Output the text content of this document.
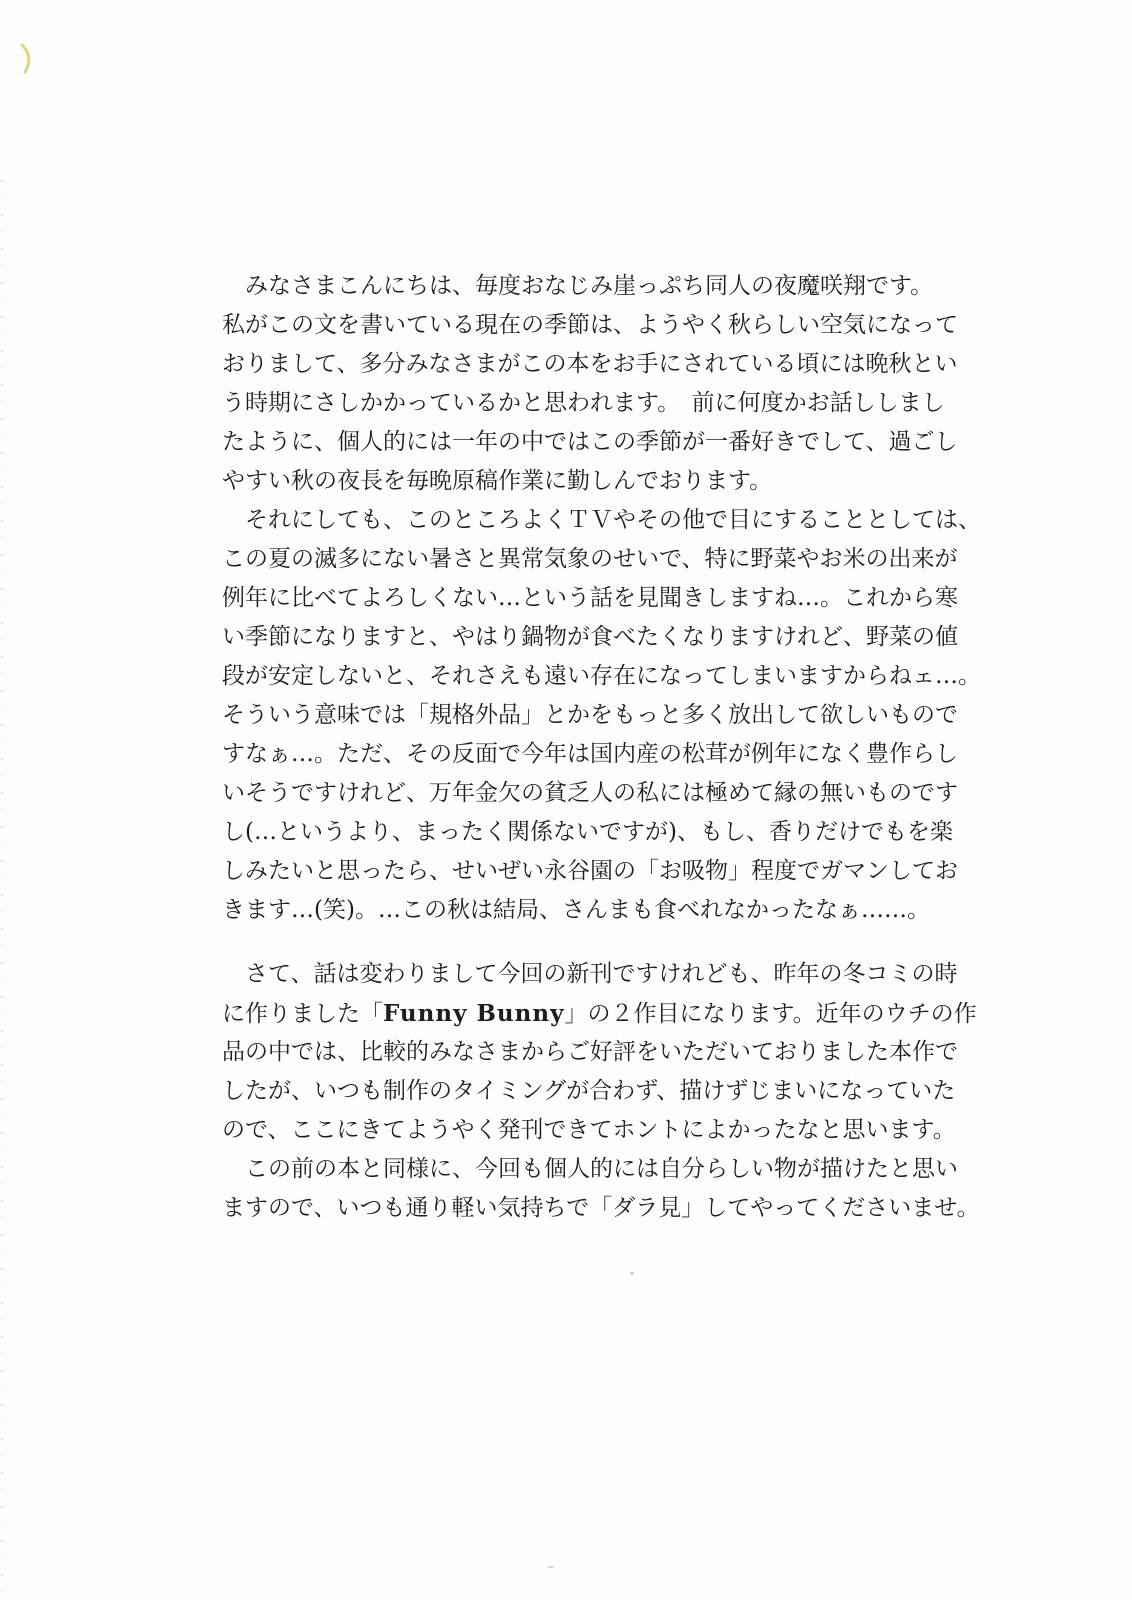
　みなさまこんにちは、毎度おなじみ崖っぷち同人の夜魔咲翔です。
私がこの文を書いている現在の季節は、ようやく秋らしい空気になって
おりまして、多分みなさまがこの本をお手にされている頃には晩秋とい
う時期にさしかかっているかと思われます。　前に何度かお話ししまし
たように、個人的には一年の中ではこの季節が一番好きでして、過ごし
やすい秋の夜長を毎晩原稿作業に勤しんでおります。
　それにしても、このところよくＴＶやその他で目にすることとしては、
この夏の滅多にない暑さと異常気象のせいで、特に野菜やお米の出来が
例年に比べてよろしくない…という話を見聞きしますね…。これから寒
い季節になりますと、やはり鍋物が食べたくなりますけれど、野菜の値
段が安定しないと、それさえも遠い存在になってしまいますからねェ…。
そういう意味では「規格外品」とかをもっと多く放出して欲しいもので
すなぁ…。ただ、その反面で今年は国内産の松茸が例年になく豊作らし
いそうですけれど、万年金欠の貧乏人の私には極めて縁の無いものです
し(…というより、まったく関係ないですが)、もし、香りだけでもを楽
しみたいと思ったら、せいぜい永谷園の「お吸物」程度でガマンしてお
きます…(笑)。…この秋は結局、さんまも食べれなかったなぁ……。
　さて、話は変わりまして今回の新刊ですけれども、昨年の冬コミの時
に作りました「Funny Bunny」の２作目になります。近年のウチの作
品の中では、比較的みなさまからご好評をいただいておりました本作で
したが、いつも制作のタイミングが合わず、描けずじまいになっていた
ので、ここにきてようやく発刊できてホントによかったなと思います。
　この前の本と同様に、今回も個人的には自分らしい物が描けたと思い
ますので、いつも通り軽い気持ちで「ダラ見」してやってくださいませ。
